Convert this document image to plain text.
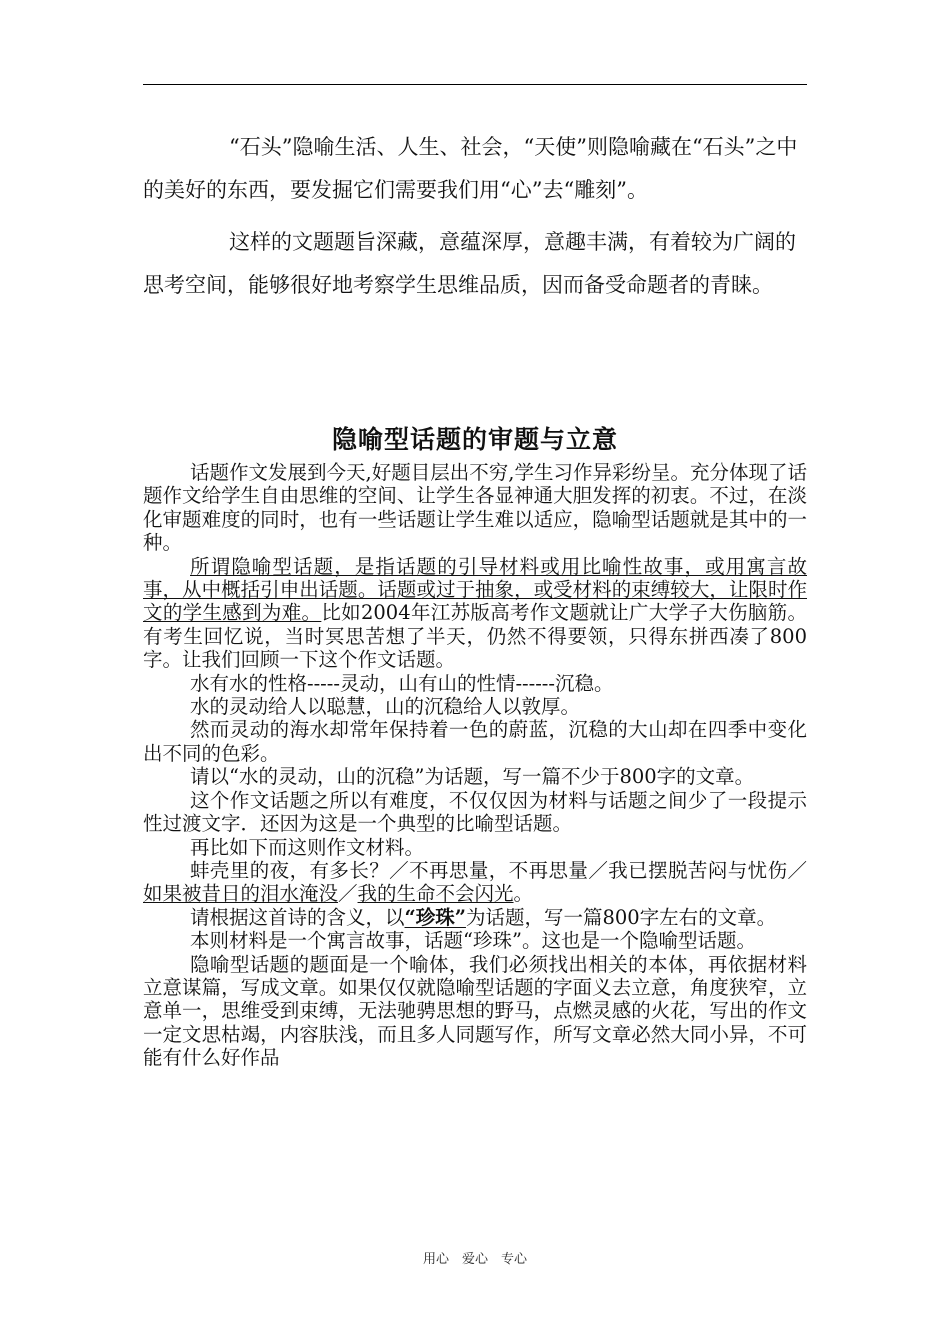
“石头”隐喻生活、人生、社会，“天使”则隐喻藏在“石头”之中的美好的东西，要发掘它们需要我们用“心”去“雕刻”。

这样的文题题旨深藏，意蕴深厚，意趣丰满，有着较为广阔的思考空间，能够很好地考察学生思维品质，因而备受命题者的青睐。

隐喻型话题的审题与立意

话题作文发展到今天,好题目层出不穷,学生习作异彩纷呈。充分体现了话题作文给学生自由思维的空间、让学生各显神通大胆发挥的初衷。不过，在淡化审题难度的同时，也有一些话题让学生难以适应，隐喻型话题就是其中的一种。

所谓隐喻型话题，是指话题的引导材料或用比喻性故事，或用寓言故事，从中概括引申出话题。话题或过于抽象，或受材料的束缚较大，让限时作文的学生感到为难。比如2004年江苏版高考作文题就让广大学子大伤脑筋。有考生回忆说，当时冥思苦想了半天，仍然不得要领，只得东拼西凑了800字。让我们回顾一下这个作文话题。

水有水的性格-----灵动，山有山的性情------沉稳。

水的灵动给人以聪慧，山的沉稳给人以敦厚。

然而灵动的海水却常年保持着一色的蔚蓝，沉稳的大山却在四季中变化出不同的色彩。

请以“水的灵动，山的沉稳”为话题，写一篇不少于800字的文章。

这个作文话题之所以有难度，不仅仅因为材料与话题之间少了一段提示性过渡文字．还因为这是一个典型的比喻型话题。

再比如下而这则作文材料。

蚌壳里的夜，有多长？／不再思量，不再思量／我已摆脱苦闷与忧伤／如果被昔日的泪水淹没／我的生命不会闪光。

请根据这首诗的含义，以“珍珠”为话题，写一篇800字左右的文章。

本则材料是一个寓言故事，话题“珍珠”。这也是一个隐喻型话题。

隐喻型话题的题面是一个喻体，我们必须找出相关的本体，再依据材料立意谋篇，写成文章。如果仅仅就隐喻型话题的字面义去立意，角度狭窄，立意单一，思维受到束缚，无法驰骋思想的野马，点燃灵感的火花，写出的作文一定文思枯竭，内容肤浅，而且多人同题写作，所写文章必然大同小异，不可能有什么好作品

用心　爱心　专心
